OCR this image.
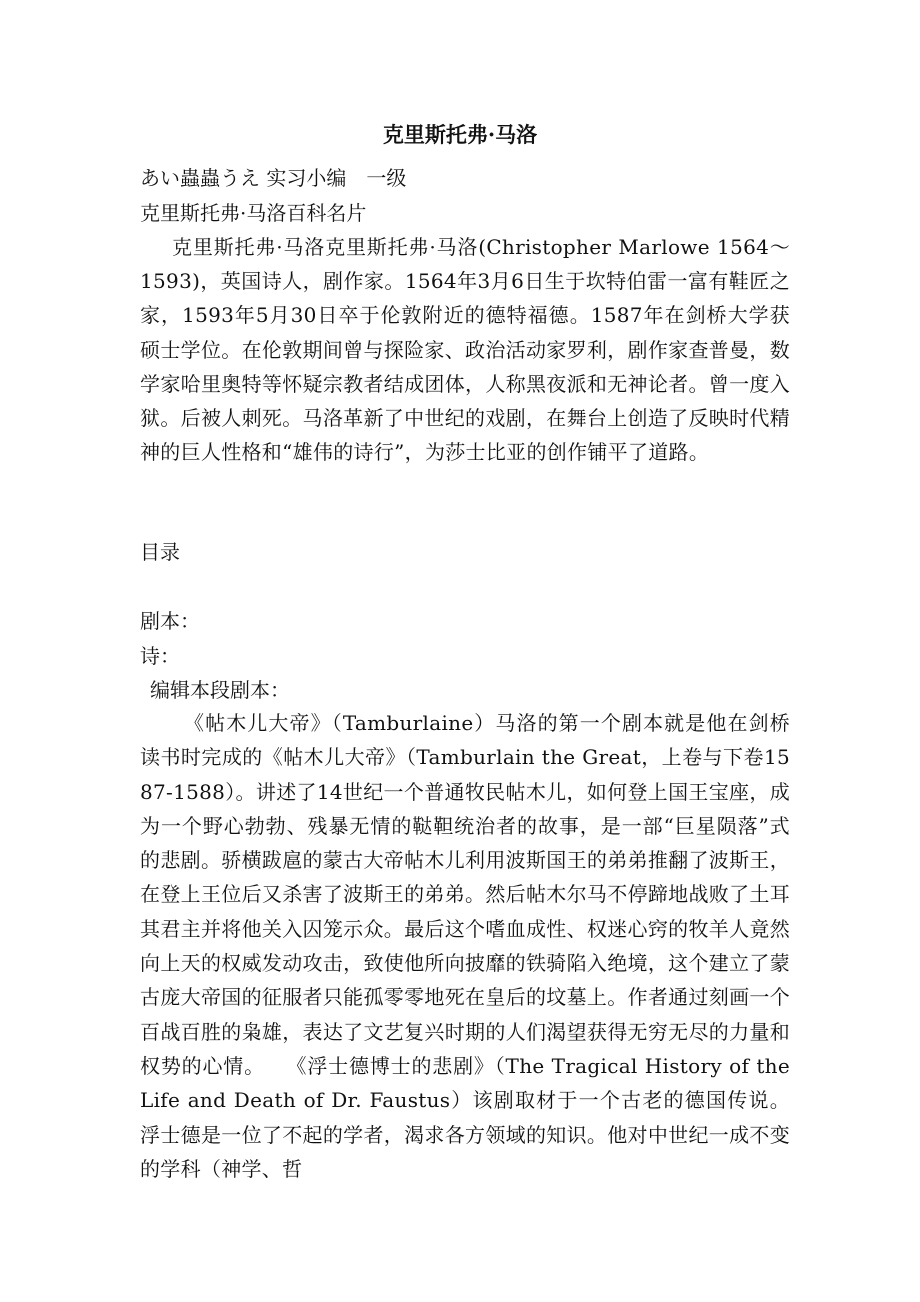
克里斯托弗·马洛
あい蟲蟲うえ 实习小编　一级
克里斯托弗·马洛百科名片
克里斯托弗·马洛克里斯托弗·马洛(Christopher Marlowe 1564～1593)，英国诗人，剧作家。1564年3月6日生于坎特伯雷一富有鞋匠之家，1593年5月30日卒于伦敦附近的德特福德。1587年在剑桥大学获硕士学位。在伦敦期间曾与探险家、政治活动家罗利，剧作家查普曼，数学家哈里奥特等怀疑宗教者结成团体，人称黑夜派和无神论者。曾一度入狱。后被人刺死。马洛革新了中世纪的戏剧，在舞台上创造了反映时代精神的巨人性格和“雄伟的诗行”，为莎士比亚的创作铺平了道路。
目录
剧本：
诗：
编辑本段剧本：
《帖木儿大帝》（Tamburlaine）马洛的第一个剧本就是他在剑桥读书时完成的《帖木儿大帝》（Tamburlain the Great，上卷与下卷1587-1588）。讲述了14世纪一个普通牧民帖木儿，如何登上国王宝座，成为一个野心勃勃、残暴无情的鞑靼统治者的故事，是一部“巨星陨落”式的悲剧。骄横跋扈的蒙古大帝帖木儿利用波斯国王的弟弟推翻了波斯王，在登上王位后又杀害了波斯王的弟弟。然后帖木尔马不停蹄地战败了土耳其君主并将他关入囚笼示众。最后这个嗜血成性、权迷心窍的牧羊人竟然向上天的权威发动攻击，致使他所向披靡的铁骑陷入绝境，这个建立了蒙古庞大帝国的征服者只能孤零零地死在皇后的坟墓上。作者通过刻画一个百战百胜的枭雄，表达了文艺复兴时期的人们渴望获得无穷无尽的力量和权势的心情。　　《浮士德博士的悲剧》（The Tragical History of the Life and Death of Dr. Faustus）该剧取材于一个古老的德国传说。浮士德是一位了不起的学者，渴求各方领域的知识。他对中世纪一成不变的学科（神学、哲
